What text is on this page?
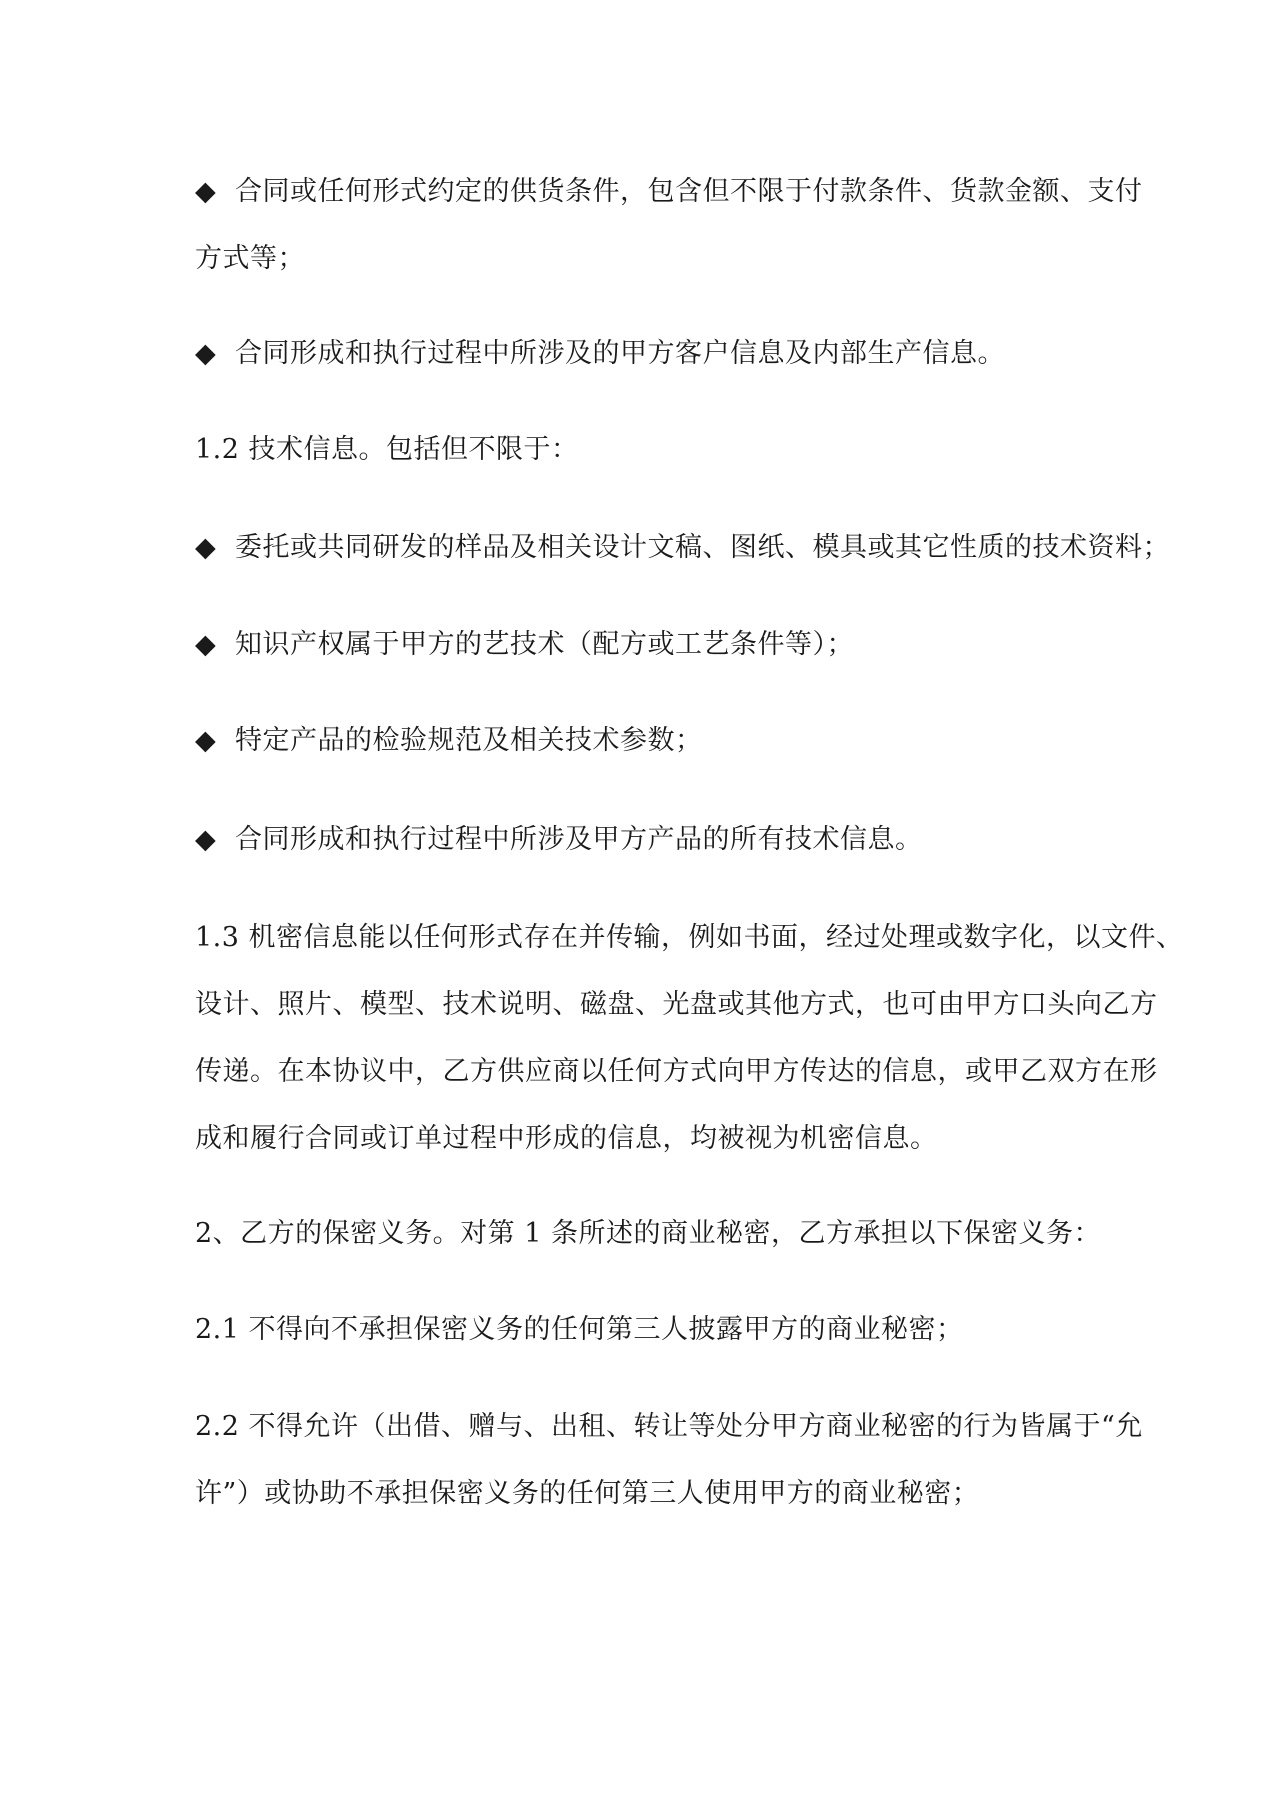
◆ 合同或任何形式约定的供货条件，包含但不限于付款条件、货款金额、支付
方式等；
◆ 合同形成和执行过程中所涉及的甲方客户信息及内部生产信息。
1.2 技术信息。包括但不限于：
◆ 委托或共同研发的样品及相关设计文稿、图纸、模具或其它性质的技术资料；
◆ 知识产权属于甲方的艺技术（配方或工艺条件等）；
◆ 特定产品的检验规范及相关技术参数；
◆ 合同形成和执行过程中所涉及甲方产品的所有技术信息。
1.3 机密信息能以任何形式存在并传输，例如书面，经过处理或数字化，以文件、
设计、照片、模型、技术说明、磁盘、光盘或其他方式，也可由甲方口头向乙方
传递。在本协议中，乙方供应商以任何方式向甲方传达的信息，或甲乙双方在形
成和履行合同或订单过程中形成的信息，均被视为机密信息。
2、乙方的保密义务。对第 1 条所述的商业秘密，乙方承担以下保密义务：
2.1 不得向不承担保密义务的任何第三人披露甲方的商业秘密；
2.2 不得允许（出借、赠与、出租、转让等处分甲方商业秘密的行为皆属于“允
许”）或协助不承担保密义务的任何第三人使用甲方的商业秘密；
